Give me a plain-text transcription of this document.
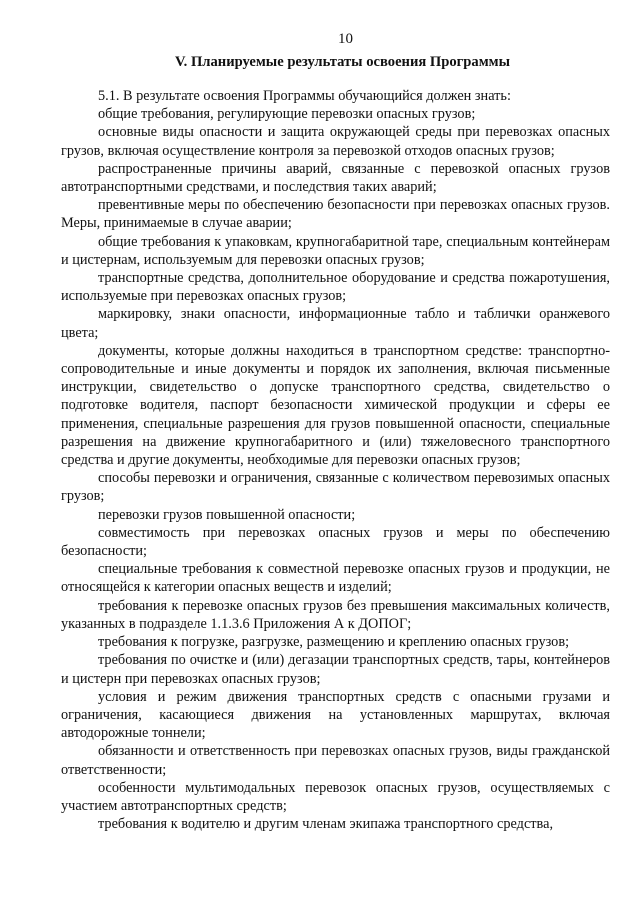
10
V. Планируемые результаты освоения Программы

5.1. В результате освоения Программы обучающийся должен знать:

общие требования, регулирующие перевозки опасных грузов;

основные виды опасности и защита окружающей среды при перевозках опасных грузов, включая осуществление контроля за перевозкой отходов опасных грузов;

распространенные причины аварий, связанные с перевозкой опасных грузов автотранспортными средствами, и последствия таких аварий;

превентивные меры по обеспечению безопасности при перевозках опасных грузов. Меры, принимаемые в случае аварии;

общие требования к упаковкам, крупногабаритной таре, специальным контейнерам и цистернам, используемым для перевозки опасных грузов;

транспортные средства, дополнительное оборудование и средства пожаротушения, используемые при перевозках опасных грузов;

маркировку, знаки опасности, информационные табло и таблички оранжевого цвета;

документы, которые должны находиться в транспортном средстве: транспортно-сопроводительные и иные документы и порядок их заполнения, включая письменные инструкции, свидетельство о допуске транспортного средства, свидетельство о подготовке водителя, паспорт безопасности химической продукции и сферы ее применения, специальные разрешения для грузов повышенной опасности, специальные разрешения на движение крупногабаритного и (или) тяжеловесного транспортного средства и другие документы, необходимые для перевозки опасных грузов;

способы перевозки и ограничения, связанные с количеством перевозимых опасных грузов;

перевозки грузов повышенной опасности;

совместимость при перевозках опасных грузов и меры по обеспечению безопасности;

специальные требования к совместной перевозке опасных грузов и продукции, не относящейся к категории опасных веществ и изделий;

требования к перевозке опасных грузов без превышения максимальных количеств, указанных в подразделе 1.1.3.6 Приложения А к ДОПОГ;

требования к погрузке, разгрузке, размещению и креплению опасных грузов;

требования по очистке и (или) дегазации транспортных средств, тары, контейнеров и цистерн при перевозках опасных грузов;

условия и режим движения транспортных средств с опасными грузами и ограничения, касающиеся движения на установленных маршрутах, включая автодорожные тоннели;

обязанности и ответственность при перевозках опасных грузов, виды гражданской ответственности;

особенности мультимодальных перевозок опасных грузов, осуществляемых с участием автотранспортных средств;

требования к водителю и другим членам экипажа транспортного средства,
